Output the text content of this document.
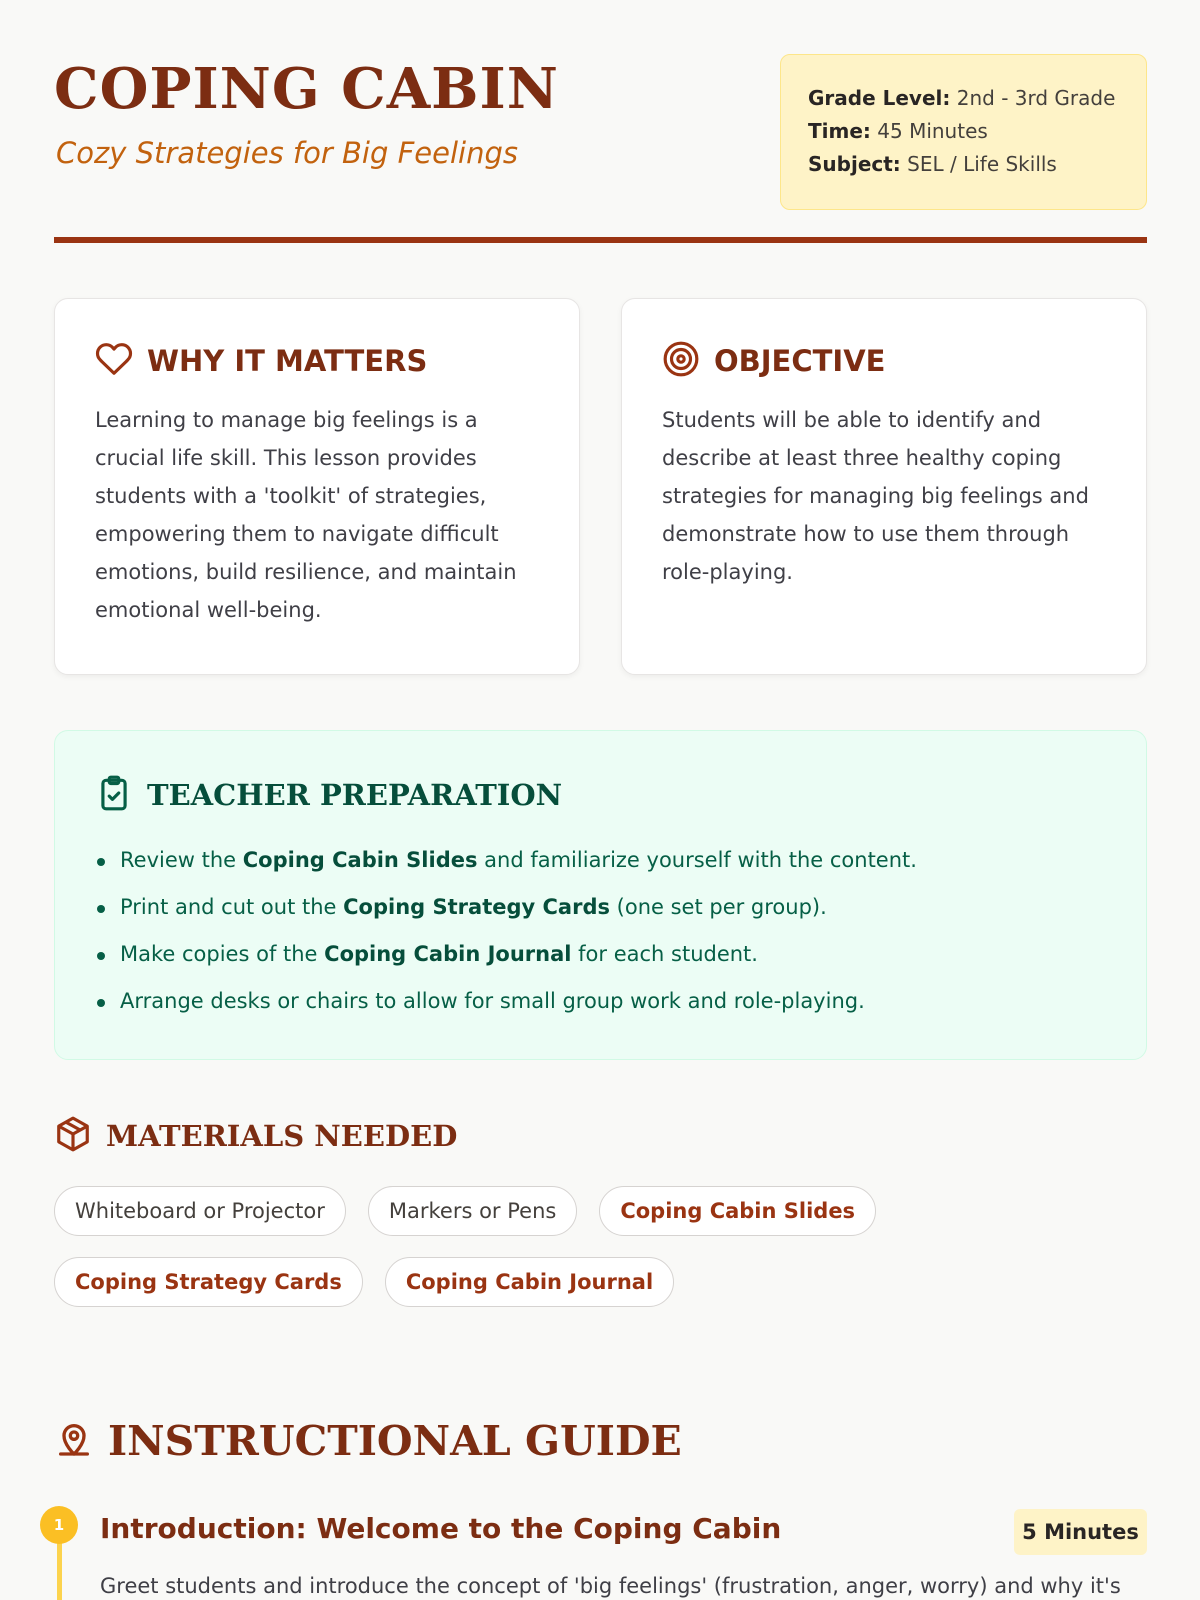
COPING CABIN
Cozy Strategies for Big Feelings
Grade Level: 2nd - 3rd Grade
Time: 45 Minutes
Subject: SEL / Life Skills
WHY IT MATTERS

Learning to manage big feelings is a crucial life skill. This lesson provides students with a 'toolkit' of strategies, empowering them to navigate difficult emotions, build resilience, and maintain emotional well-being.

OBJECTIVE

Students will be able to identify and describe at least three healthy coping strategies for managing big feelings and demonstrate how to use them through role-playing.

TEACHER PREPARATION
Review the Coping Cabin Slides and familiarize yourself with the content.
Print and cut out the Coping Strategy Cards (one set per group).
Make copies of the Coping Cabin Journal for each student.
Arrange desks or chairs to allow for small group work and role-playing.
MATERIALS NEEDED
Whiteboard or Projector	Markers or Pens	Coping Cabin Slides
Coping Strategy Cards	Coping Cabin Journal
INSTRUCTIONAL GUIDE
1	Introduction: Welcome to the Coping Cabin	5 Minutes
Greet students and introduce the concept of 'big feelings' (frustration, anger, worry) and why it's
